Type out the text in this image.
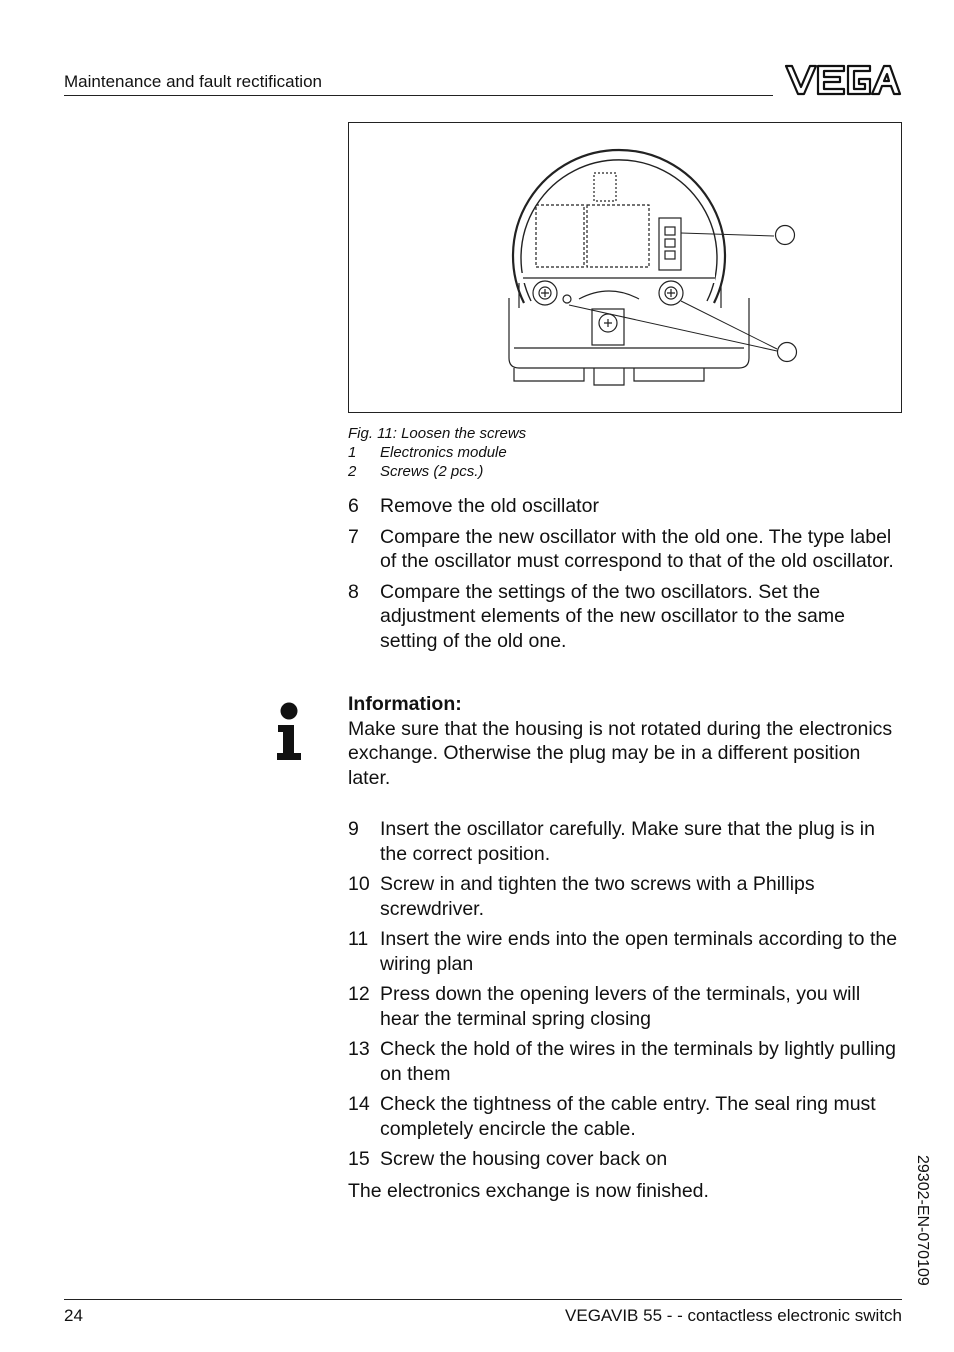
Maintenance and fault rectification
Fig. 11: Loosen the screws
1	Electronics module
2	Screws (2 pcs.)
6	Remove the old oscillator
7	Compare the new oscillator with the old one. The type label of the oscillator must correspond to that of the old oscillator.
8	Compare the settings of the two oscillators. Set the adjustment elements of the new oscillator to the same setting of the old one.
Information:
Make sure that the housing is not rotated during the electronics exchange. Otherwise the plug may be in a different position later.
9	Insert the oscillator carefully. Make sure that the plug is in the correct position.
10 Screw in and tighten the two screws with a Phillips screwdriver.
11 Insert the wire ends into the open terminals according to the wiring plan
12 Press down the opening levers of the terminals, you will hear the terminal spring closing
13 Check the hold of the wires in the terminals by lightly pulling on them
14 Check the tightness of the cable entry. The seal ring must completely encircle the cable.
15 Screw the housing cover back on
The electronics exchange is now finished.	29302-EN-070109
24	VEGAVIB 55 - - contactless electronic switch
